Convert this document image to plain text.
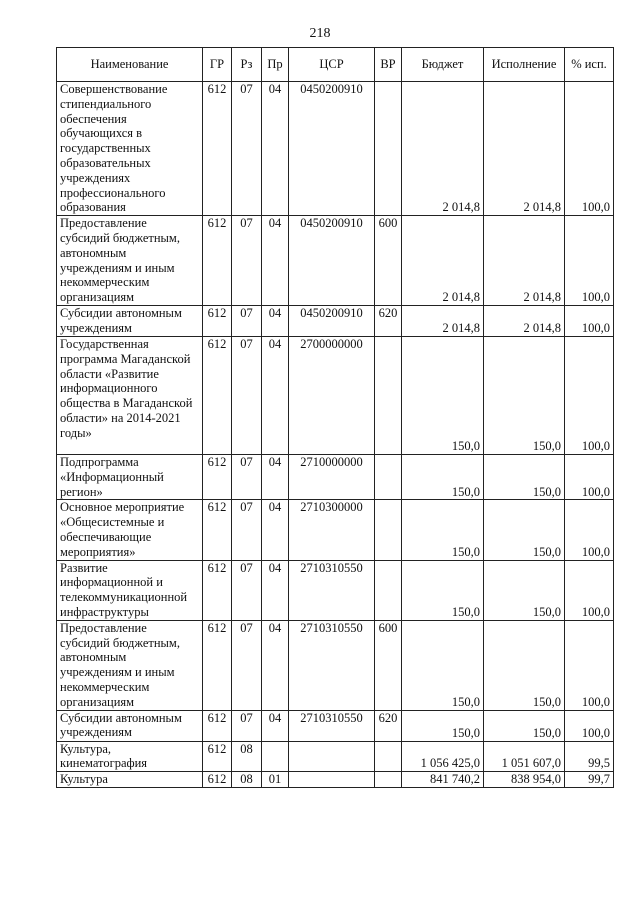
218
Наименование	ГР	Рз	Пр	ЦСР	ВР	Бюджет	Исполнение	% исп.
Совершенствование стипендиального обеспечения обучающихся в государственных образовательных учреждениях профессионального образования	612	07	04	0450200910		2 014,8	2 014,8	100,0
Предоставление субсидий бюджетным, автономным учреждениям и иным некоммерческим организациям	612	07	04	0450200910	600	2 014,8	2 014,8	100,0
Субсидии автономным учреждениям	612	07	04	0450200910	620	2 014,8	2 014,8	100,0
Государственная программа Магаданской области «Развитие информационного общества в Магаданской области» на 2014-2021 годы»	612	07	04	2700000000		150,0	150,0	100,0
Подпрограмма «Информационный регион»	612	07	04	2710000000		150,0	150,0	100,0
Основное мероприятие «Общесистемные и обеспечивающие мероприятия»	612	07	04	2710300000		150,0	150,0	100,0
Развитие информационной и телекоммуникационной инфраструктуры	612	07	04	2710310550		150,0	150,0	100,0
Предоставление субсидий бюджетным, автономным учреждениям и иным некоммерческим организациям	612	07	04	2710310550	600	150,0	150,0	100,0
Субсидии автономным учреждениям	612	07	04	2710310550	620	150,0	150,0	100,0
Культура, кинематография	612	08				1 056 425,0	1 051 607,0	99,5
Культура	612	08	01			841 740,2	838 954,0	99,7
